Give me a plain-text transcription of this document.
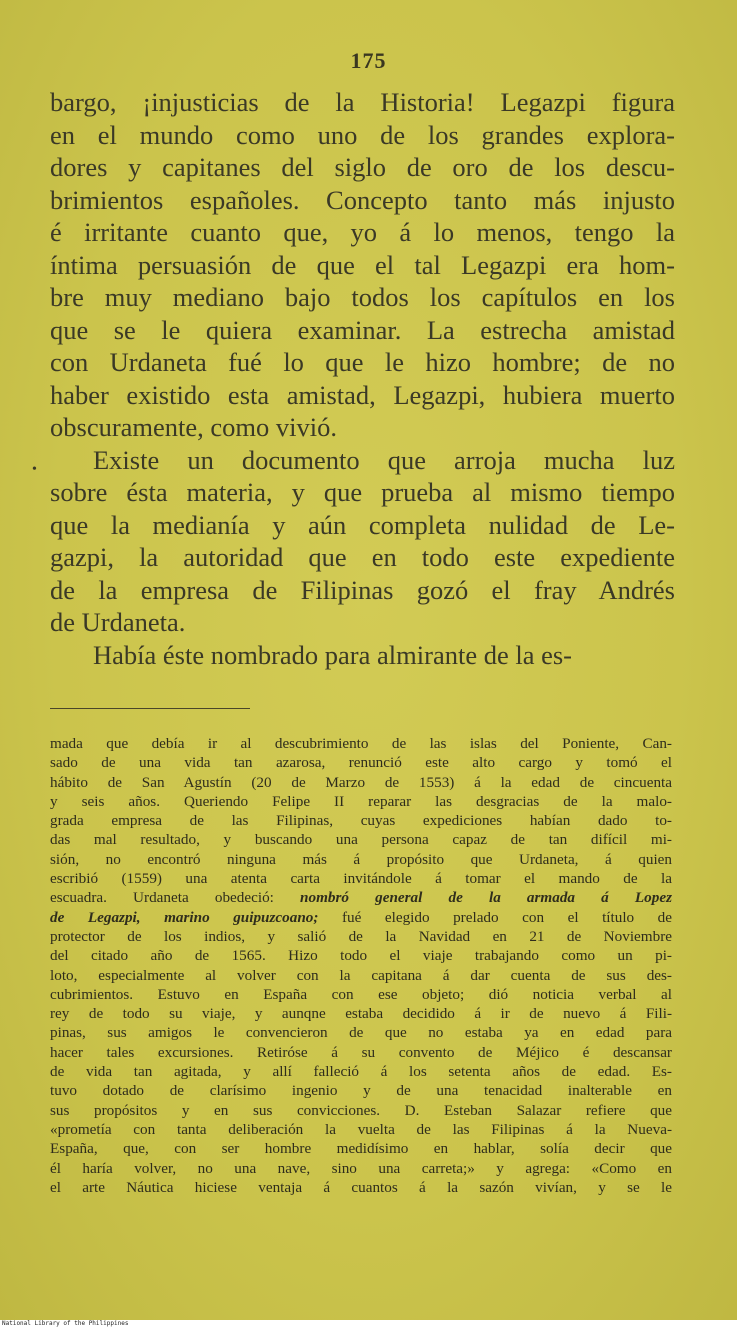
175
bargo, ¡injusticias de la Historia! Legazpi figura
en el mundo como uno de los grandes explora-
dores y capitanes del siglo de oro de los descu-
brimientos españoles. Concepto tanto más injusto
é irritante cuanto que, yo á lo menos, tengo la
íntima persuasión de que el tal Legazpi era hom-
bre muy mediano bajo todos los capítulos en los
que se le quiera examinar. La estrecha amistad
con Urdaneta fué lo que le hizo hombre; de no
haber existido esta amistad, Legazpi, hubiera muerto
obscuramente, como vivió.
Existe un documento que arroja mucha luz
sobre ésta materia, y que prueba al mismo tiempo
que la medianía y aún completa nulidad de Le-
gazpi, la autoridad que en todo este expediente
de la empresa de Filipinas gozó el fray Andrés
de Urdaneta.
Había éste nombrado para almirante de la es-
•
mada que debía ir al descubrimiento de las islas del Poniente, Can-
sado de una vida tan azarosa, renunció este alto cargo y tomó el
hábito de San Agustín (20 de Marzo de 1553) á la edad de cincuenta
y seis años. Queriendo Felipe II reparar las desgracias de la malo-
grada empresa de las Filipinas, cuyas expediciones habían dado to-
das mal resultado, y buscando una persona capaz de tan difícil mi-
sión, no encontró ninguna más á propósito que Urdaneta, á quien
escribió (1559) una atenta carta invitándole á tomar el mando de la
escuadra. Urdaneta obedeció: nombró general de la armada á Lopez
de Legazpi, marino guipuzcoano; fué elegido prelado con el título de
protector de los indios, y salió de la Navidad en 21 de Noviembre
del citado año de 1565. Hizo todo el viaje trabajando como un pi-
loto, especialmente al volver con la capitana á dar cuenta de sus des-
cubrimientos. Estuvo en España con ese objeto; dió noticia verbal al
rey de todo su viaje, y aunqne estaba decidido á ir de nuevo á Fili-
pinas, sus amigos le convencieron de que no estaba ya en edad para
hacer tales excursiones. Retiróse á su convento de Méjico é descansar
de vida tan agitada, y allí falleció á los setenta años de edad. Es-
tuvo dotado de clarísimo ingenio y de una tenacidad inalterable en
sus propósitos y en sus convicciones. D. Esteban Salazar refiere que
«prometía con tanta deliberación la vuelta de las Filipinas á la Nueva-
España, que, con ser hombre medidísimo en hablar, solía decir que
él haría volver, no una nave, sino una carreta;» y agrega: «Como en
el arte Náutica hiciese ventaja á cuantos á la sazón vivían, y se le
National Library of the Philippines
